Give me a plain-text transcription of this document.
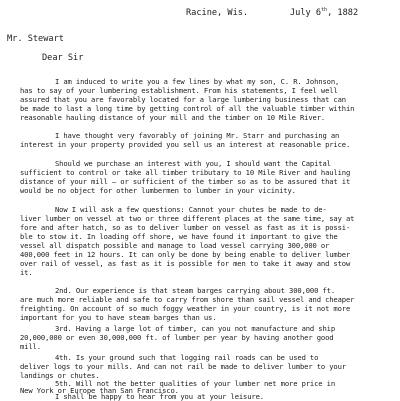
Racine, Wis.	July 6th, 1882
Mr. Stewart
Dear Sir
I am induced to write you a few lines by what my son, C. R. Johnson,
has to say of your lumbering establishment. From his statements, I feel well
assured that you are favorably located for a large lumbering business that can
be made to last a long time by getting control of all the valuable timber within
reasonable hauling distance of your mill and the timber on 10 Mile River.
I have thought very favorably of joining Mr. Starr and purchasing an
interest in your property provided you sell us an interest at reasonable price.
Should we purchase an interest with you, I should want the Capital
sufficient to control or take all timber tributary to 10 Mile River and hauling
distance of your mill – or sufficient of the timber so as to be assured that it
would be no object for other lumbermen to lumber in your vicinity.
Now I will ask a few questions: Cannot your chutes be made to de-
liver lumber on vessel at two or three different places at the same time, say at
fore and after hatch, so as to deliver lumber on vessel as fast as it is possi-
ble to stow it. In loading off shore, we have found it important to give the
vessel all dispatch possible and manage to load vessel carrying 300,000 or
400,000 feet in 12 hours. It can only be done by being enable to deliver lumber
over rail of vessel, as fast as it is possible for men to take it away and stow
it.
2nd. Our experience is that steam barges carrying about 300,000 ft.
are much more reliable and safe to carry from shore than sail vessel and cheaper
freighting. On account of so much foggy weather in your country, is it not more
important for you to have steam barges than us.
3rd. Having a large lot of timber, can you not manufacture and ship
20,000,000 or even 30,000,000 ft. of lumber per year by having another good
mill.
4th. Is your ground such that logging rail roads can be used to
deliver logs to your mills. And can not rail be made to deliver lumber to your
landings or chutes.
5th. Will not the better qualities of your lumber net more price in
New York or Europe than San Francisco.
I shall be happy to hear from you at your leisure.
